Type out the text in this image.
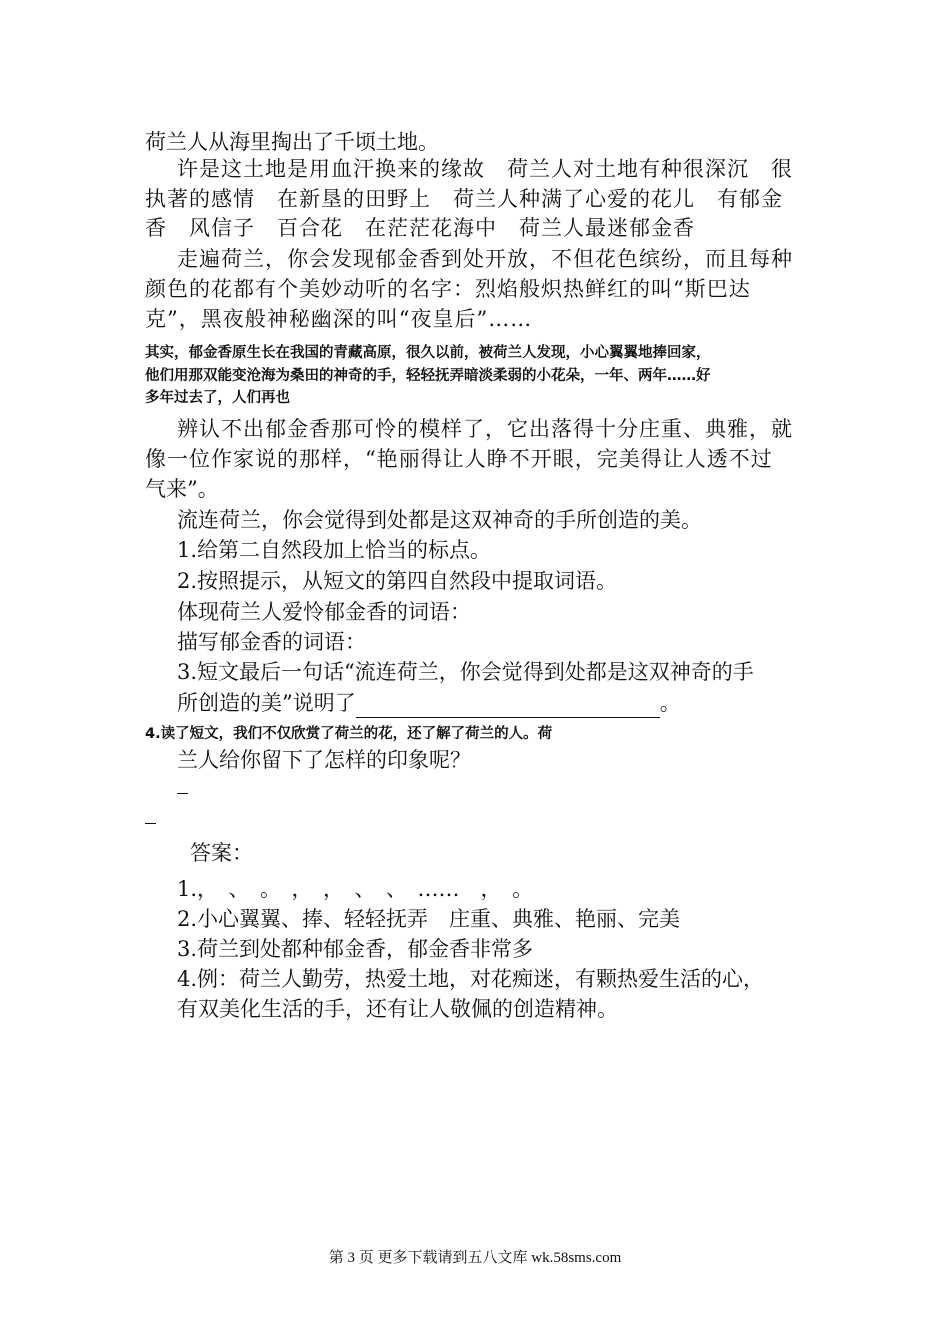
荷兰人从海里掏出了千顷土地。
许是这土地是用血汗换来的缘故　荷兰人对土地有种很深沉　很
执著的感情　在新垦的田野上　荷兰人种满了心爱的花儿　有郁金
香　风信子　百合花　在茫茫花海中　荷兰人最迷郁金香
走遍荷兰，你会发现郁金香到处开放，不但花色缤纷，而且每种
颜色的花都有个美妙动听的名字：烈焰般炽热鲜红的叫“斯巴达
克”，黑夜般神秘幽深的叫“夜皇后”……
其实，郁金香原生长在我国的青藏高原，很久以前，被荷兰人发现，小心翼翼地捧回家，
他们用那双能变沧海为桑田的神奇的手，轻轻抚弄暗淡柔弱的小花朵，一年、两年……好
多年过去了，人们再也
辨认不出郁金香那可怜的模样了，它出落得十分庄重、典雅，就
像一位作家说的那样，“艳丽得让人睁不开眼，完美得让人透不过
气来”。
流连荷兰，你会觉得到处都是这双神奇的手所创造的美。
1.给第二自然段加上恰当的标点。
2.按照提示，从短文的第四自然段中提取词语。
体现荷兰人爱怜郁金香的词语：
描写郁金香的词语：
3.短文最后一句话“流连荷兰，你会觉得到处都是这双神奇的手
所创造的美”说明了	。
4.读了短文，我们不仅欣赏了荷兰的花，还了解了荷兰的人。荷
兰人给你留下了怎样的印象呢？
答案：
1.，　、　。　，　，　、　、　……　，　。
2.小心翼翼、捧、轻轻抚弄　庄重、典雅、艳丽、完美
3.荷兰到处都种郁金香，郁金香非常多
4.例：荷兰人勤劳，热爱土地，对花痴迷，有颗热爱生活的心，
有双美化生活的手，还有让人敬佩的创造精神。
第 3 页 更多下载请到五八文库 wk.58sms.com
